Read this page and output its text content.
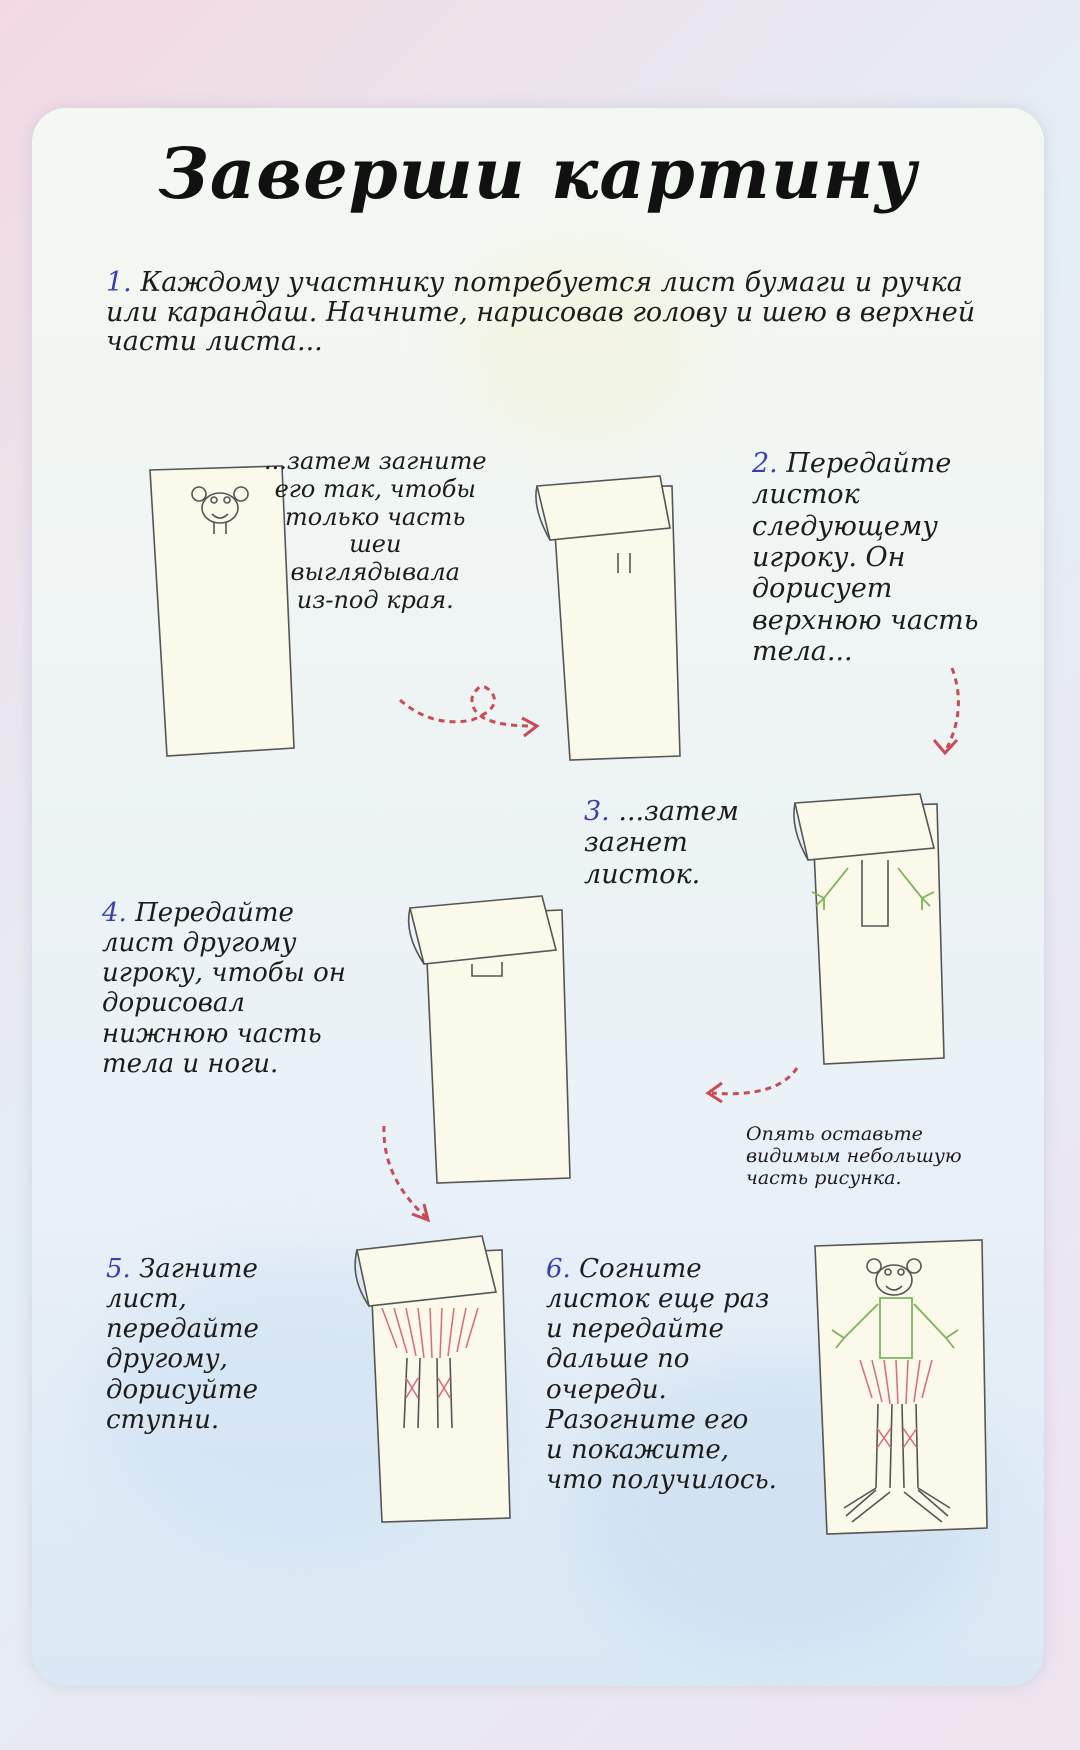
Заверши картину

1. Каждому участнику потребуется лист бумаги и ручка или карандаш. Начните, нарисовав голову и шею в верхней части листа...

...затем загните
его так, чтобы
только часть
шеи
выглядывала
из-под края.

2. Передайте
листок
следующему
игроку. Он
дорисует
верхнюю часть
тела...
3. ...затем
загнет
листок.
4. Передайте
лист другому
игроку, чтобы он
дорисовал
нижнюю часть
тела и ноги.

Опять оставьте
видимым небольшую
часть рисунка.

5. Загните
лист,
передайте
другому,
дорисуйте
ступни.
6. Согните
листок еще раз
и передайте
дальше по
очереди.
Разогните его
и покажите,
что получилось.
